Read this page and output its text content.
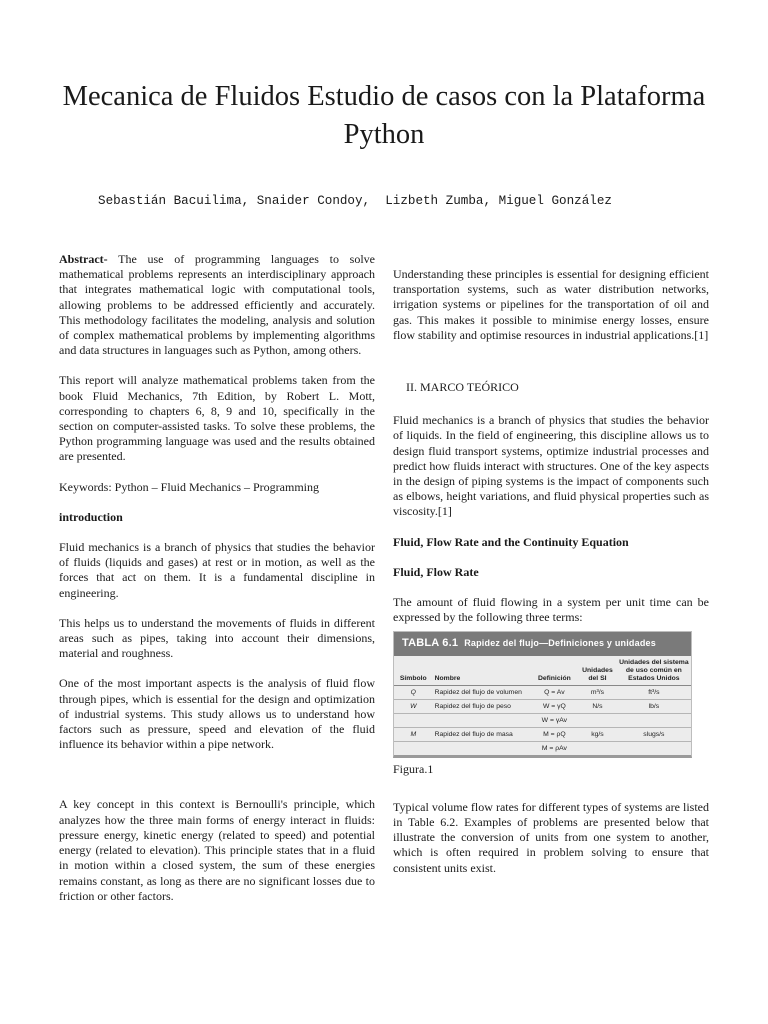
Mecanica de Fluidos Estudio de casos con la Plataforma Python
Sebastián Bacuilima, Snaider Condoy,  Lizbeth Zumba, Miguel González

Abstract- The use of programming languages to solve mathematical problems represents an interdisciplinary approach that integrates mathematical logic with computational tools, allowing problems to be addressed efficiently and accurately. This methodology facilitates the modeling, analysis and solution of complex mathematical problems by implementing algorithms and data structures in languages such as Python, among others.

This report will analyze mathematical problems taken from the book Fluid Mechanics, 7th Edition, by Robert L. Mott, corresponding to chapters 6, 8, 9 and 10, specifically in the section on computer-assisted tasks. To solve these problems, the Python programming language was used and the results obtained are presented.

Keywords: Python – Fluid Mechanics – Programming

introduction

Fluid mechanics is a branch of physics that studies the behavior of fluids (liquids and gases) at rest or in motion, as well as the forces that act on them. It is a fundamental discipline in engineering.

This helps us to understand the movements of fluids in different areas such as pipes, taking into account their dimensions, material and roughness.

One of the most important aspects is the analysis of fluid flow through pipes, which is essential for the design and optimization of industrial systems. This study allows us to understand how factors such as pressure, speed and elevation of the fluid influence its behavior within a pipe network.

A key concept in this context is Bernoulli's principle, which analyzes how the three main forms of energy interact in fluids: pressure energy, kinetic energy (related to speed) and potential energy (related to elevation). This principle states that in a fluid in motion within a closed system, the sum of these energies remains constant, as long as there are no significant losses due to friction or other factors.

Understanding these principles is essential for designing efficient transportation systems, such as water distribution networks, irrigation systems or pipelines for the transportation of oil and gas. This makes it possible to minimise energy losses, ensure flow stability and optimise resources in industrial applications.[1]

II. MARCO TEÓRICO

Fluid mechanics is a branch of physics that studies the behavior of liquids. In the field of engineering, this discipline allows us to design fluid transport systems, optimize industrial processes and predict how fluids interact with structures. One of the key aspects in the design of piping systems is the impact of components such as elbows, height variations, and fluid physical properties such as viscosity.[1]

Fluid, Flow Rate and the Continuity Equation
Fluid, Flow Rate

The amount of fluid flowing in a system per unit time can be expressed by the following three terms:

TABLA 6.1 Rapidez del flujo—Definiciones y unidades
Símbolo	Nombre	Definición	Unidades del SI	Unidades del sistema de uso común en Estados Unidos
Q	Rapidez del flujo de volumen	Q = Av	m³/s	ft³/s
W	Rapidez del flujo de peso	W = γQ	N/s	lb/s
		W = γAv		
M	Rapidez del flujo de masa	M = ρQ	kg/s	slugs/s
		M = ρAv		
Figura.1

Typical volume flow rates for different types of systems are listed in Table 6.2. Examples of problems are presented below that illustrate the conversion of units from one system to another, which is often required in problem solving to ensure that consistent units exist.
